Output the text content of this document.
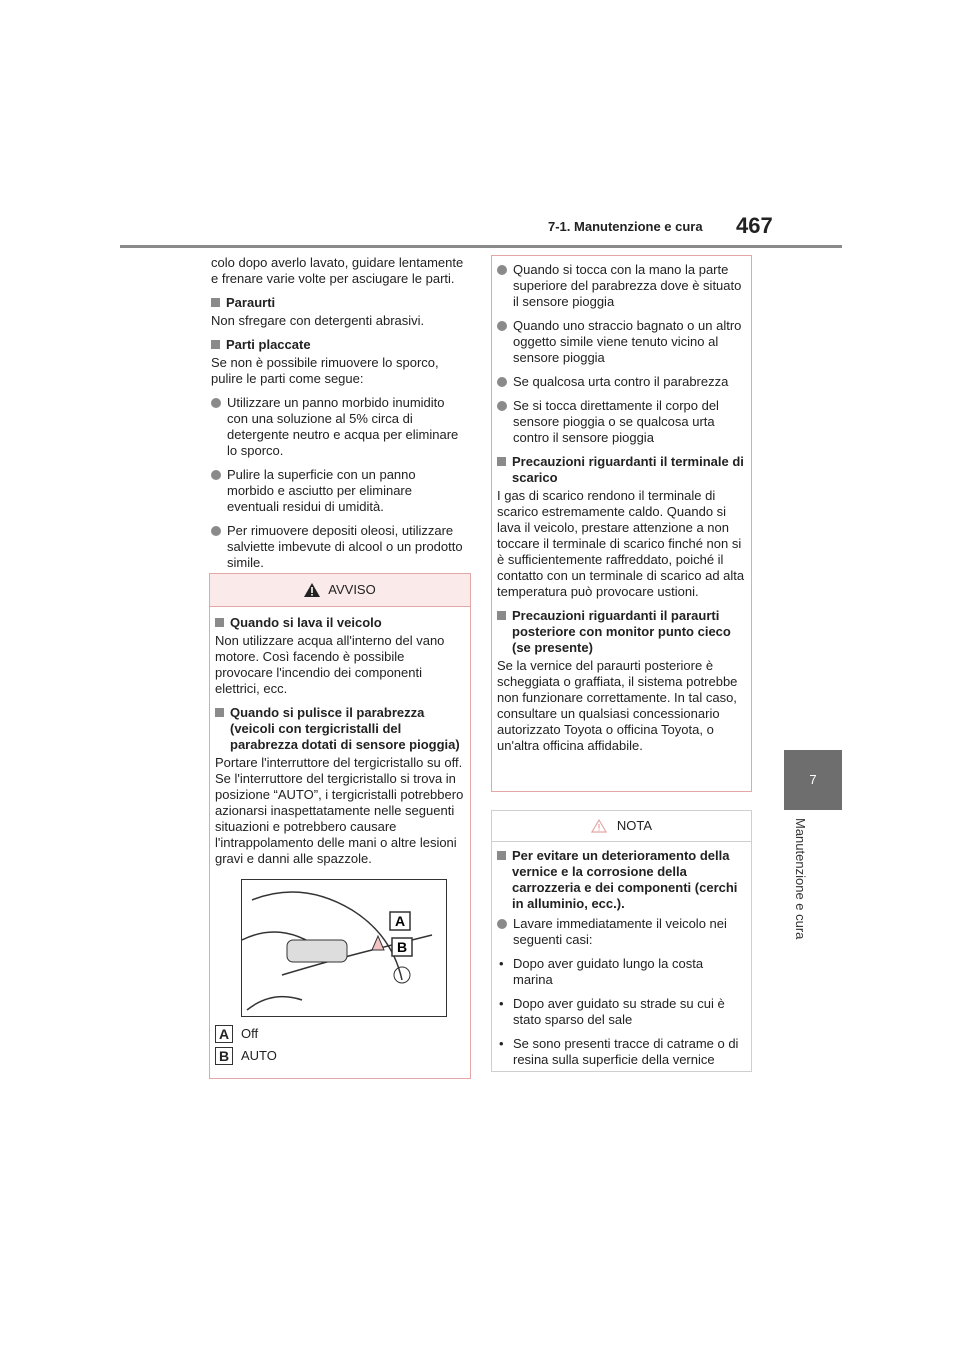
7-1. Manutenzione e cura	467
7
Manutenzione e cura

colo dopo averlo lavato, guidare lentamente e frenare varie volte per asciugare le parti.

Paraurti

Non sfregare con detergenti abrasivi.

Parti placcate

Se non è possibile rimuovere lo sporco, pulire le parti come segue:

Utilizzare un panno morbido inumidito con una soluzione al 5% circa di detergente neutro e acqua per eliminare lo sporco.

Pulire la superficie con un panno morbido e asciutto per eliminare eventuali residui di umidità.

Per rimuovere depositi oleosi, utilizzare salviette imbevute di alcool o un prodotto simile.

AVVISO

Quando si lava il veicolo

Non utilizzare acqua all'interno del vano motore. Così facendo è possibile provocare l'incendio dei componenti elettrici, ecc.

Quando si pulisce il parabrezza (veicoli con tergicristalli del parabrezza dotati di sensore pioggia)

Portare l'interruttore del tergicristallo su off. Se l'interruttore del tergicristallo si trova in posizione “AUTO”, i tergicristalli potrebbero azionarsi inaspettatamente nelle seguenti situazioni e potrebbero causare l'intrappolamento delle mani o altre lesioni gravi e danni alle spazzole.

A
B
A Off
B AUTO

Quando si tocca con la mano la parte superiore del parabrezza dove è situato il sensore pioggia

Quando uno straccio bagnato o un altro oggetto simile viene tenuto vicino al sensore pioggia

Se qualcosa urta contro il parabrezza

Se si tocca direttamente il corpo del sensore pioggia o se qualcosa urta contro il sensore pioggia

Precauzioni riguardanti il terminale di scarico

I gas di scarico rendono il terminale di scarico estremamente caldo. Quando si lava il veicolo, prestare attenzione a non toccare il terminale di scarico finché non si è sufficientemente raffreddato, poiché il contatto con un terminale di scarico ad alta temperatura può provocare ustioni.

Precauzioni riguardanti il paraurti posteriore con monitor punto cieco (se presente)

Se la vernice del paraurti posteriore è scheggiata o graffiata, il sistema potrebbe non funzionare correttamente. In tal caso, consultare un qualsiasi concessionario autorizzato Toyota o officina Toyota, o un'altra officina affidabile.

NOTA

Per evitare un deterioramento della vernice e la corrosione della carrozzeria e dei componenti (cerchi in alluminio, ecc.).

Lavare immediatamente il veicolo nei seguenti casi:

• Dopo aver guidato lungo la costa marina

• Dopo aver guidato su strade su cui è stato sparso del sale

• Se sono presenti tracce di catrame o di resina sulla superficie della vernice
